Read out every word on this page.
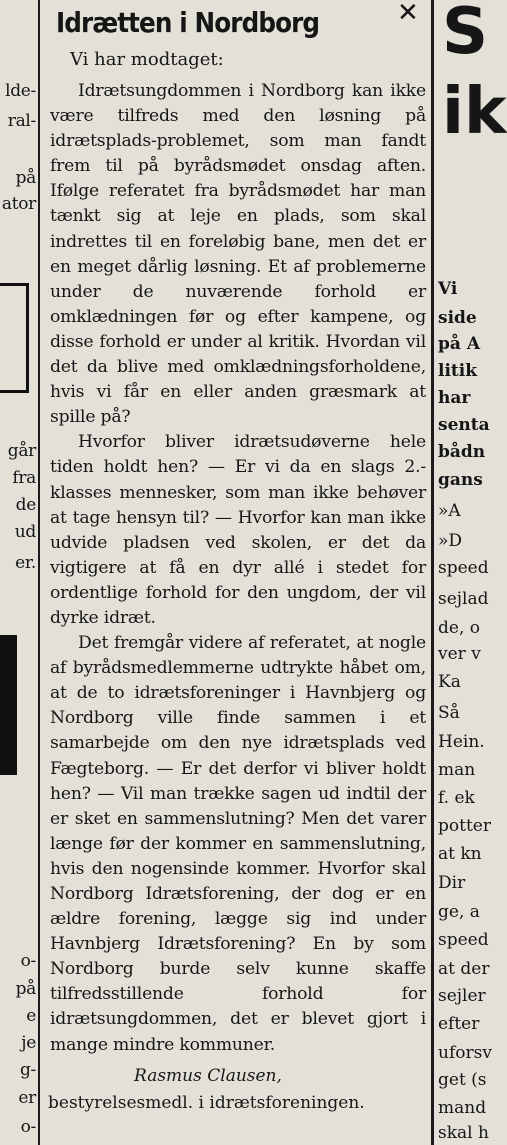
lde-
ral-
på
ator
går
fra
de
ud
er.
o-
på
e
je
g-
er
o-
Idrætten i Nordborg	✕
Vi har modtaget:

Idrætsungdommen i Nordborg kan ikke være tilfreds med den løsning på idrætsplads-problemet, som man fandt frem til på byrådsmødet onsdag aften. Ifølge referatet fra byrådsmødet har man tænkt sig at leje en plads, som skal indrettes til en foreløbig bane, men det er en meget dårlig løsning. Et af problemerne under de nuværende forhold er omklædningen før og efter kampene, og disse forhold er under al kritik. Hvordan vil det da blive med omklædningsforholdene, hvis vi får en eller anden græsmark at spille på?

Hvorfor bliver idrætsudøverne hele tiden holdt hen? — Er vi da en slags 2.-klasses mennesker, som man ikke behøver at tage hensyn til? — Hvorfor kan man ikke udvide pladsen ved skolen, er det da vigtigere at få en dyr allé i stedet for ordentlige forhold for den ungdom, der vil dyrke idræt.

Det fremgår videre af referatet, at nogle af byrådsmedlemmerne udtrykte håbet om, at de to idrætsforeninger i Havnbjerg og Nordborg ville finde sammen i et samarbejde om den nye idrætsplads ved Fægteborg. — Er det derfor vi bliver holdt hen? — Vil man trække sagen ud indtil der er sket en sammenslutning? Men det varer længe før der kommer en sammenslutning, hvis den nogensinde kommer. Hvorfor skal Nordborg Idrætsforening, der dog er en ældre forening, lægge sig ind under Havnbjerg Idrætsforening? En by som Nordborg burde selv kunne skaffe tilfredsstillende forhold for idrætsungdommen, det er blevet gjort i mange mindre kommuner.

Rasmus Clausen,
bestyrelsesmedl. i idrætsforeningen.
S
ik
Vi
side
på A
litik
har
senta
bådn
gans
»A
»D
speed
sejlad
de, o
ver v
Ka
Så
Hein.
man
f. ek
potter
at kn
Dir
ge, a
speed
at der
sejler
efter
uforsv
get (s
mand
skal h
